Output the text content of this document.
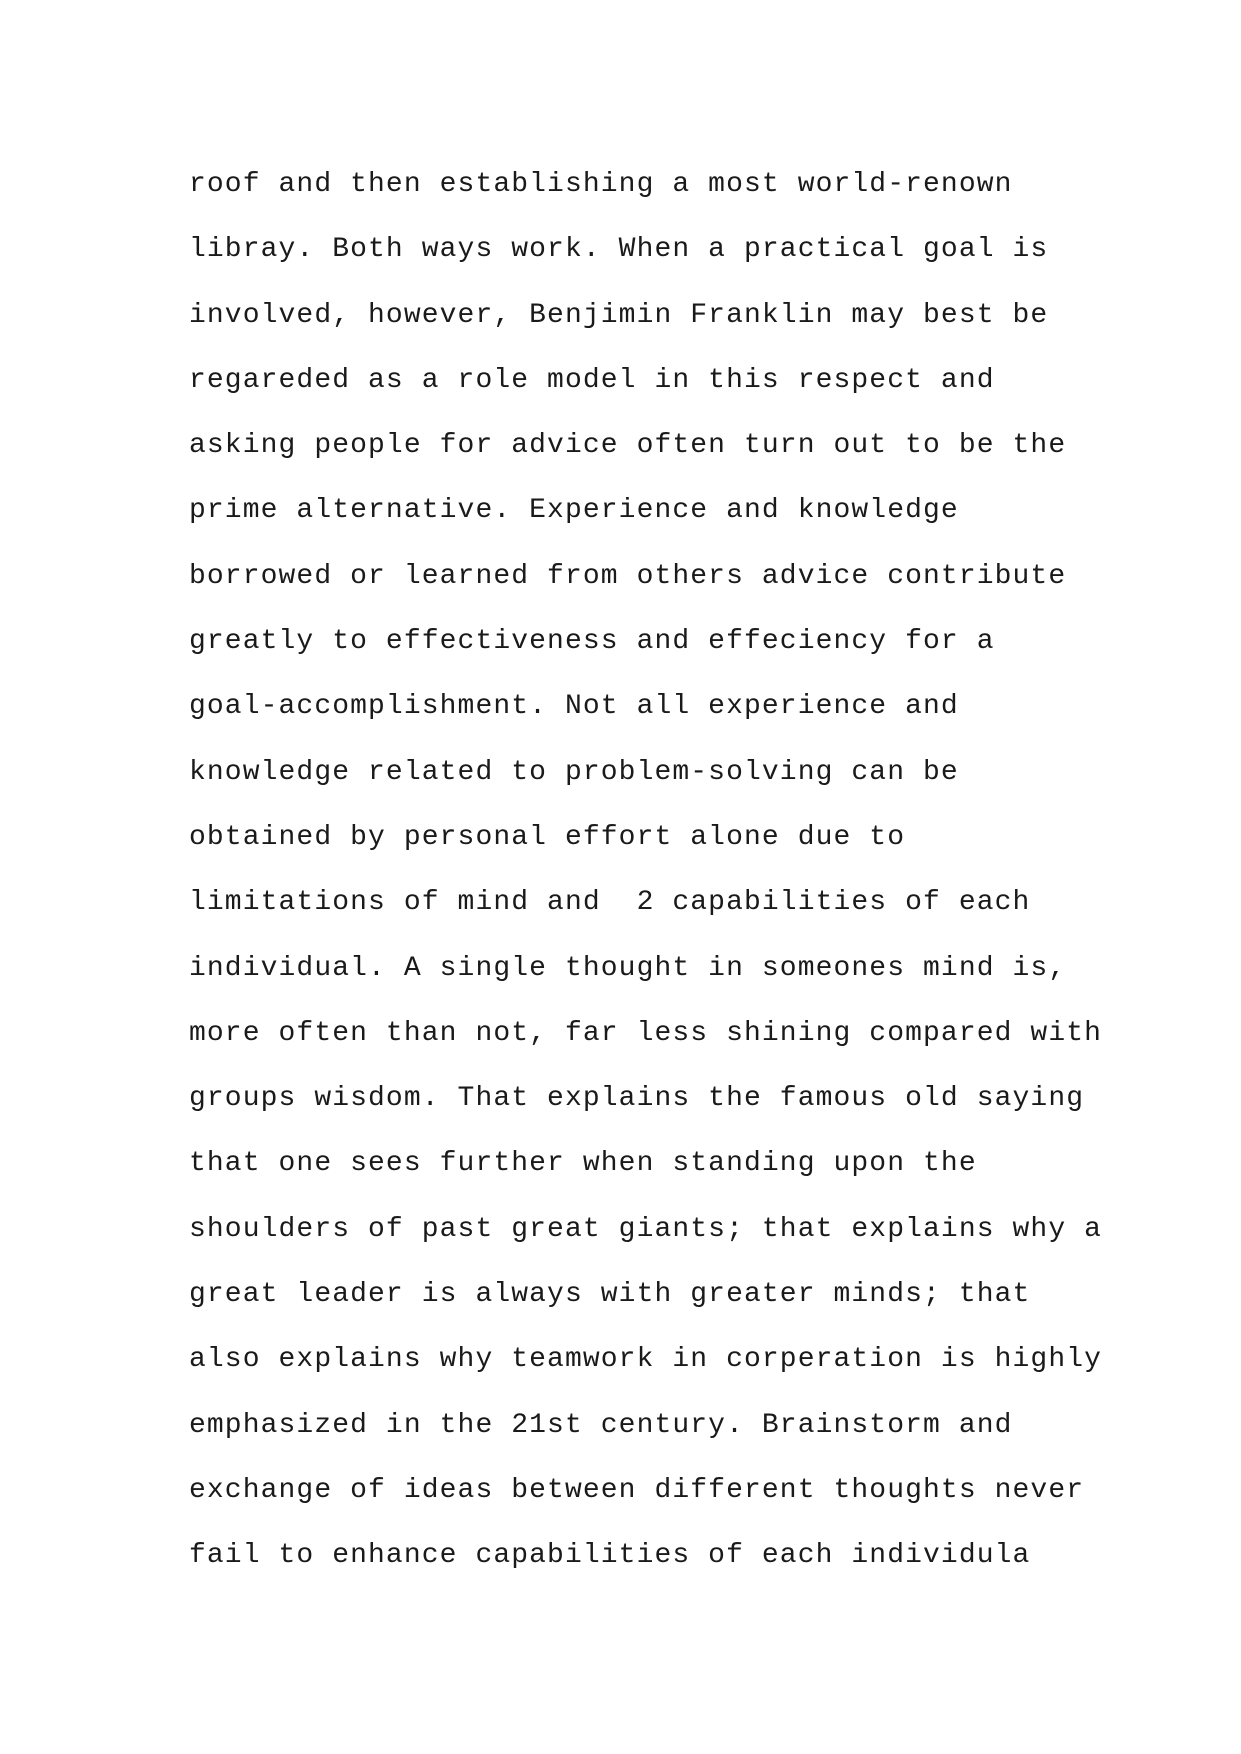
roof and then establishing a most world-renown
libray. Both ways work. When a practical goal is
involved, however, Benjimin Franklin may best be
regareded as a role model in this respect and
asking people for advice often turn out to be the
prime alternative. Experience and knowledge
borrowed or learned from others advice contribute
greatly to effectiveness and effeciency for a
goal-accomplishment. Not all experience and
knowledge related to problem-solving can be
obtained by personal effort alone due to
limitations of mind and  2 capabilities of each
individual. A single thought in someones mind is,
more often than not, far less shining compared with
groups wisdom. That explains the famous old saying
that one sees further when standing upon the
shoulders of past great giants; that explains why a
great leader is always with greater minds; that
also explains why teamwork in corperation is highly
emphasized in the 21st century. Brainstorm and
exchange of ideas between different thoughts never
fail to enhance capabilities of each individula
